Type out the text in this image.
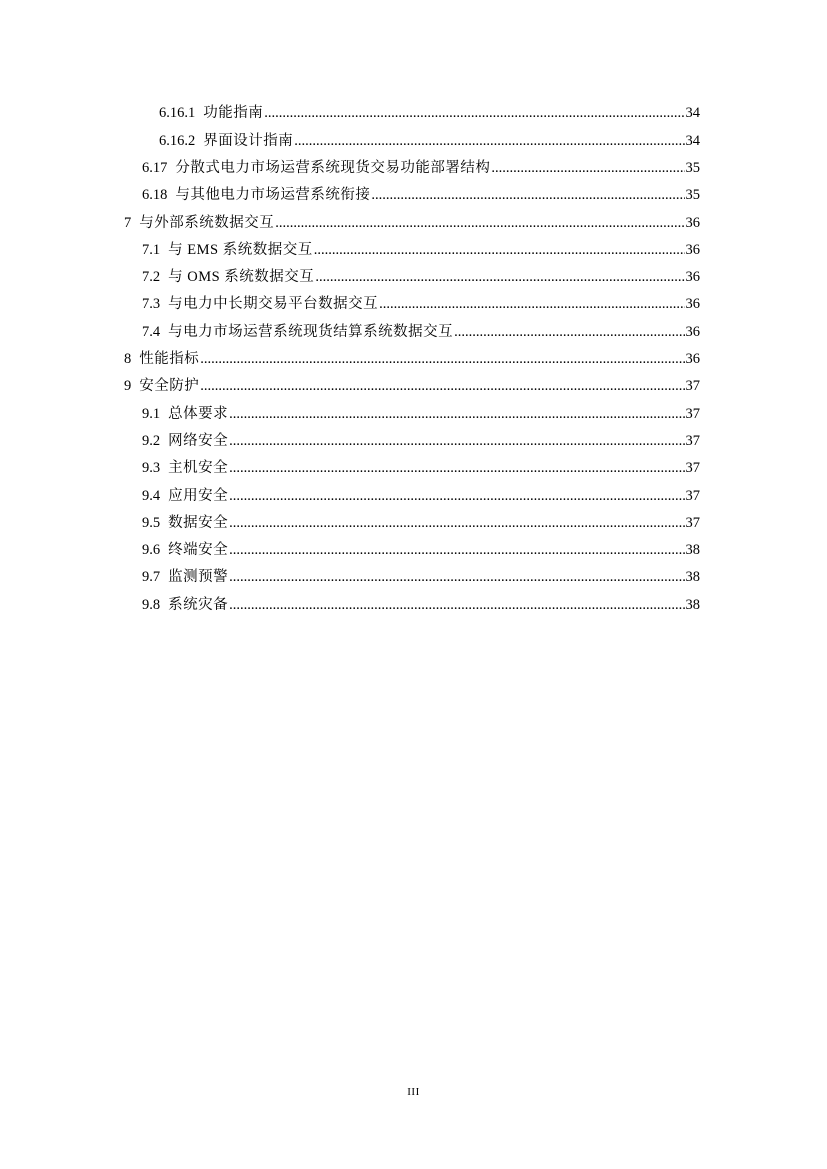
6.16.1 功能指南 .....	34
6.16.2 界面设计指南 .....	34
6.17 分散式电力市场运营系统现货交易功能部署结构 .....	35
6.18 与其他电力市场运营系统衔接 .....	35
7 与外部系统数据交互 .....	36
7.1 与 EMS 系统数据交互 .....	36
7.2 与 OMS 系统数据交互 .....	36
7.3 与电力中长期交易平台数据交互 .....	36
7.4 与电力市场运营系统现货结算系统数据交互 .....	36
8 性能指标 .....	36
9 安全防护 .....	37
9.1 总体要求 .....	37
9.2 网络安全 .....	37
9.3 主机安全 .....	37
9.4 应用安全 .....	37
9.5 数据安全 .....	37
9.6 终端安全 .....	38
9.7 监测预警 .....	38
9.8 系统灾备 .....	38
III
